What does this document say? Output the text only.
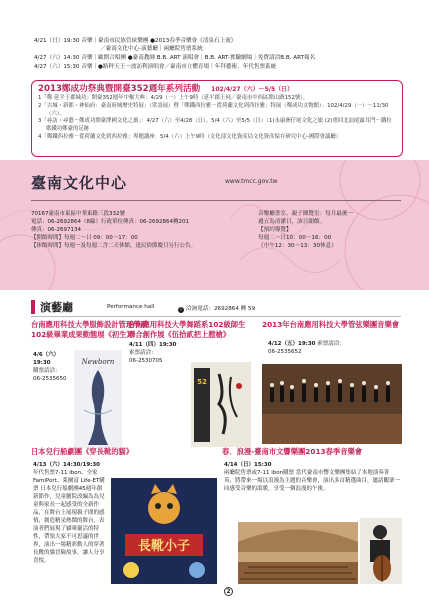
4/21（日）19:30 音樂｜臺南市民族管絃樂團 ●2013春季音樂會《清泉石上流》
／臺南文化中心-演藝廳｜兩廳院售票系統
4/27（六）14:30 音樂｜歐開合唱團 ●臺南教師 B.B. ART 演唱會｜B.B. ART-實驗劇場｜免費請洽B.B. ART報名
4/27（六）15:30 音樂｜●路秤天王一波訪利演唱會／臺南市立體育場｜年拜藝術、年代售票系統
2013鄭成功祭典暨開臺352週年系列活動 102/4/27（六）～5/5（日）
1「鄭 延平王郡城功」開臺352週年中樞大典：4/29（一）上午9時（延平郡王祠／臺南市中西區開山路152號）。
2「古城・新都・神仙府：臺南府城歷史特展」（常設展）暨「鄭鐵西拉雅－從荷蘭文化到西拉雅」特展（鄭成功文物館）：102/4/29（一）～11/30（六）。
3「尋訪・尋藝－鄭成功開臺澤國文化之旅」：4/27（六）至4/28（日）、5/4（六）至5/5（日）（1)永康洲仔尾文化之旅 (2)重回北汕尾露耳門－鐵拉歌鐵功鄭臺的足跡
4「鄭鐵西拉雅－從荷蘭文化到西拉雅」專題講座：5/4（六）上午9時（文化部文化資產局文化資產保存研究中心-國際會議廳）
臺南文化中心	www.tmcc.gov.tw
70167臺南市東區中華東路三段332號
電話：06-2692864（8線）行政單位傳真：06-2692864轉201
傳真：06-2697134
【開館時間】每週二～日 09：00～17：00
【休館時間】每週一及每週二含二天休館，逢民俗節慶日另行公告。
音樂廳書室、親子閱覽室：每月最後一
週五為清潔日，該日閉館。
【預約導覽】
每週二～日10：00～16：00
（中午12：30～13：30休息）
演藝廳	Performance hall	i 洽詢電話：2692864 轉 59
台南應用科技大學服飾設計管理學系102級畢業成果動態展《初生》
4/6（六）19:30
購票請洽：
06-2535650
Newborn
台南應用科技大學舞蹈系102級師生聯合創作展《伍拾貳把上膛槍》
4/11（四）19:30
索票請洽：
06-2530705
52
2013年台南應用科技大學管弦樂團音樂會
4/12（五）19:30 索票請洽：
06-2535652
日本兒行船劇團《穿長靴的貓》
4/13（六）14:30/19:30
年代售票7-11 ibon、全家FamiPort、萊爾富 Life-ET購票 日本兒行船劇團45週年創新節作，兒童劇院改編為為兒童與家長一起感受的全新作品，在舞台上展現親子間的感情，創造精采熱鬧的舞台，表演者們展現了貓咪靈活的特性，帶領大家不可思議的世界，演出一場精彩動人的穿著長靴的貓冒險故事，讓人分享喜悅。
長靴小子
春．浪漫-臺南市文響樂團2013春季音樂會
4/14（日）15:30
兩廳院售票或7-11 ibon購票 當代臺南市響文樂團集結了本地演奏菁英，將帶來一場以浪漫為主題的音樂會，演出多首精選曲目，邀請觀眾一同感受音樂的溫暖，享受一個浪漫的午後。
2
